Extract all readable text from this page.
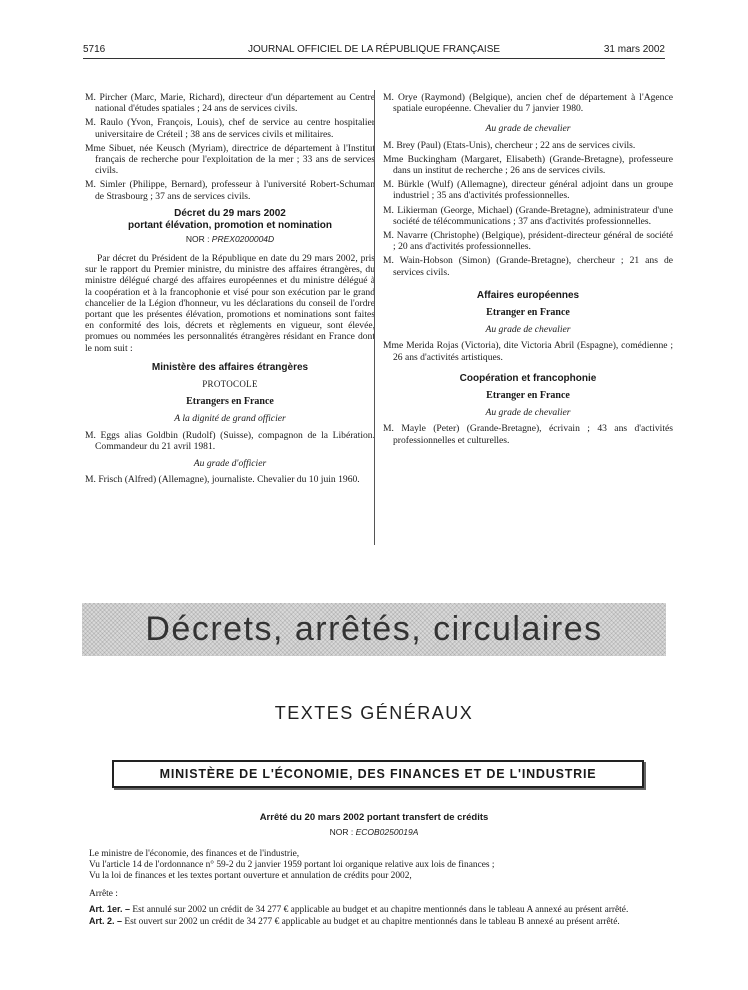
5716	JOURNAL OFFICIEL DE LA RÉPUBLIQUE FRANÇAISE	31 mars 2002

M. Pircher (Marc, Marie, Richard), directeur d'un département au Centre national d'études spatiales ; 24 ans de services civils.

M. Raulo (Yvon, François, Louis), chef de service au centre hospitalier universitaire de Créteil ; 38 ans de services civils et militaires.

Mme Sibuet, née Keusch (Myriam), directrice de département à l'Institut français de recherche pour l'exploitation de la mer ; 33 ans de services civils.

M. Simler (Philippe, Bernard), professeur à l'université Robert-Schuman de Strasbourg ; 37 ans de services civils.

Décret du 29 mars 2002
portant élévation, promotion et nomination
NOR : PREX0200004D

Par décret du Président de la République en date du 29 mars 2002, pris sur le rapport du Premier ministre, du ministre des affaires étrangères, du ministre délégué chargé des affaires européennes et du ministre délégué à la coopération et à la francophonie et visé pour son exécution par le grand chancelier de la Légion d'honneur, vu les déclarations du conseil de l'ordre portant que les présentes élévation, promotions et nominations sont faites en conformité des lois, décrets et règlements en vigueur, sont élevée, promues ou nommées les personnalités étrangères résidant en France dont le nom suit :

Ministère des affaires étrangères
PROTOCOLE
Etrangers en France
A la dignité de grand officier

M. Eggs alias Goldbin (Rudolf) (Suisse), compagnon de la Libération. Commandeur du 21 avril 1981.

Au grade d'officier

M. Frisch (Alfred) (Allemagne), journaliste. Chevalier du 10 juin 1960.

M. Orye (Raymond) (Belgique), ancien chef de département à l'Agence spatiale européenne. Chevalier du 7 janvier 1980.

Au grade de chevalier

M. Brey (Paul) (Etats-Unis), chercheur ; 22 ans de services civils.

Mme Buckingham (Margaret, Elisabeth) (Grande-Bretagne), professeure dans un institut de recherche ; 26 ans de services civils.

M. Bürkle (Wulf) (Allemagne), directeur général adjoint dans un groupe industriel ; 35 ans d'activités professionnelles.

M. Likierman (George, Michael) (Grande-Bretagne), administrateur d'une société de télécommunications ; 37 ans d'activités professionnelles.

M. Navarre (Christophe) (Belgique), président-directeur général de société ; 20 ans d'activités professionnelles.

M. Wain-Hobson (Simon) (Grande-Bretagne), chercheur ; 21 ans de services civils.

Affaires européennes
Etranger en France
Au grade de chevalier

Mme Merida Rojas (Victoria), dite Victoria Abril (Espagne), comédienne ; 26 ans d'activités artistiques.

Coopération et francophonie
Etranger en France
Au grade de chevalier

M. Mayle (Peter) (Grande-Bretagne), écrivain ; 43 ans d'activités professionnelles et culturelles.

Décrets, arrêtés, circulaires
TEXTES GÉNÉRAUX
MINISTÈRE DE L'ÉCONOMIE, DES FINANCES ET DE L'INDUSTRIE
Arrêté du 20 mars 2002 portant transfert de crédits
NOR : ECOB0250019A

Le ministre de l'économie, des finances et de l'industrie,

Vu l'article 14 de l'ordonnance n° 59-2 du 2 janvier 1959 portant loi organique relative aux lois de finances ;

Vu la loi de finances et les textes portant ouverture et annulation de crédits pour 2002,

Arrête :

Art. 1er. – Est annulé sur 2002 un crédit de 34 277 € applicable au budget et au chapitre mentionnés dans le tableau A annexé au présent arrêté.

Art. 2. – Est ouvert sur 2002 un crédit de 34 277 € applicable au budget et au chapitre mentionnés dans le tableau B annexé au présent arrêté.
